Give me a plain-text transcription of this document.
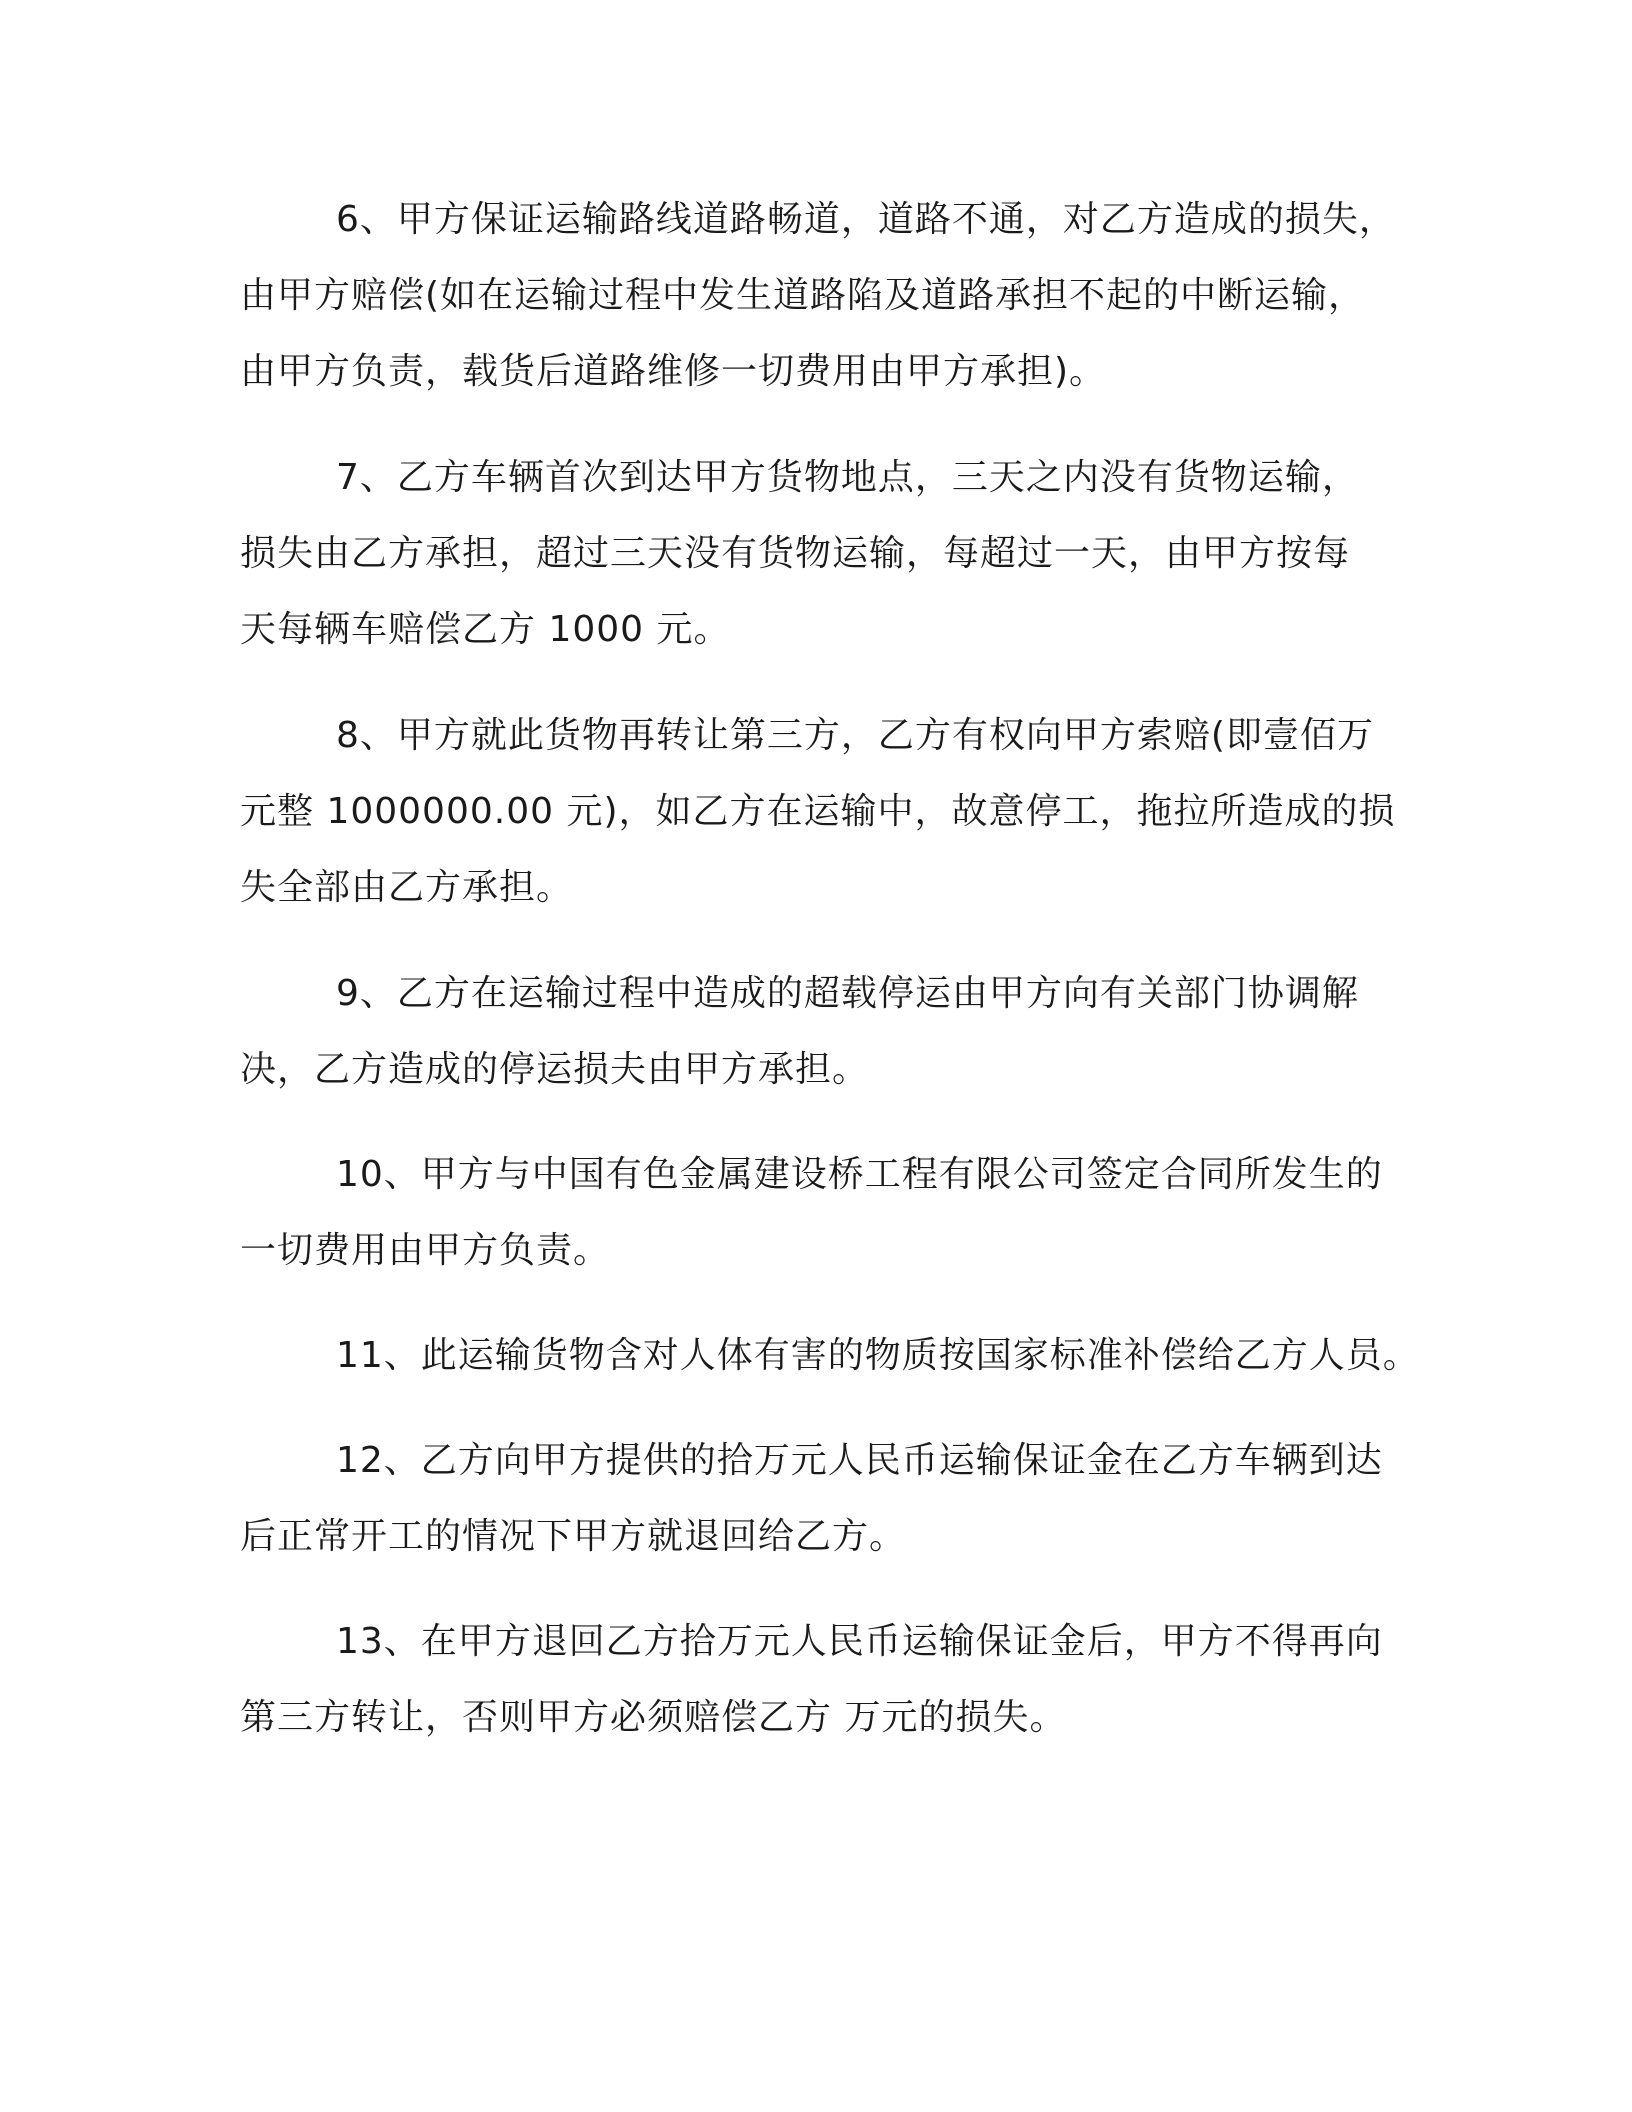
6、甲方保证运输路线道路畅道，道路不通，对乙方造成的损失，
由甲方赔偿(如在运输过程中发生道路陷及道路承担不起的中断运输，
由甲方负责，载货后道路维修一切费用由甲方承担)。

7、乙方车辆首次到达甲方货物地点，三天之内没有货物运输，
损失由乙方承担，超过三天没有货物运输，每超过一天，由甲方按每
天每辆车赔偿乙方 1000 元。

8、甲方就此货物再转让第三方，乙方有权向甲方索赔(即壹佰万
元整 1000000.00 元)，如乙方在运输中，故意停工，拖拉所造成的损
失全部由乙方承担。

9、乙方在运输过程中造成的超载停运由甲方向有关部门协调解
决，乙方造成的停运损夫由甲方承担。

10、甲方与中国有色金属建设桥工程有限公司签定合同所发生的
一切费用由甲方负责。

11、此运输货物含对人体有害的物质按国家标准补偿给乙方人员。

12、乙方向甲方提供的拾万元人民币运输保证金在乙方车辆到达
后正常开工的情况下甲方就退回给乙方。

13、在甲方退回乙方拾万元人民币运输保证金后，甲方不得再向
第三方转让，否则甲方必须赔偿乙方 万元的损失。
